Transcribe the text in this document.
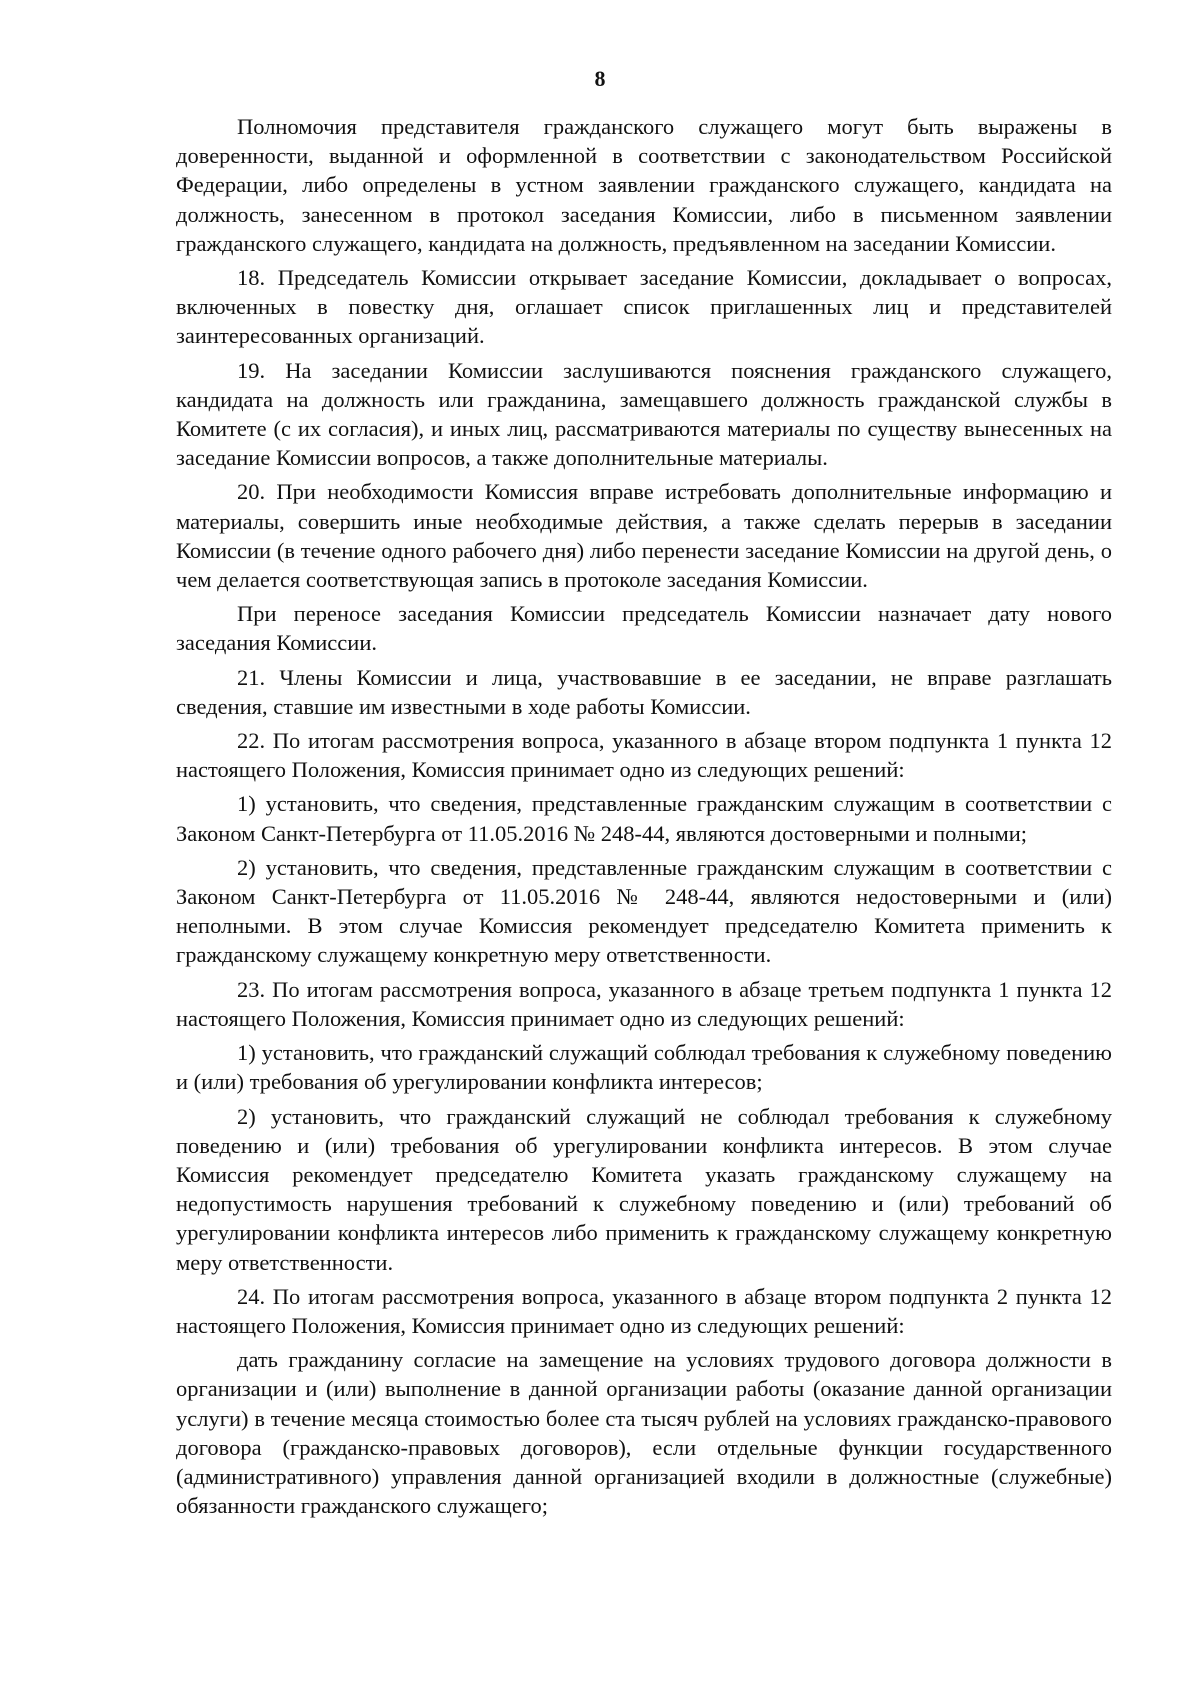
8

Полномочия представителя гражданского служащего могут быть выражены в доверенности, выданной и оформленной в соответствии с законодательством Российской Федерации, либо определены в устном заявлении гражданского служащего, кандидата на должность, занесенном в протокол заседания Комиссии, либо в письменном заявлении гражданского служащего, кандидата на должность, предъявленном на заседании Комиссии.

18. Председатель Комиссии открывает заседание Комиссии, докладывает о вопросах, включенных в повестку дня, оглашает список приглашенных лиц и представителей заинтересованных организаций.

19. На заседании Комиссии заслушиваются пояснения гражданского служащего, кандидата на должность или гражданина, замещавшего должность гражданской службы в Комитете (с их согласия), и иных лиц, рассматриваются материалы по существу вынесенных на заседание Комиссии вопросов, а также дополнительные материалы.

20. При необходимости Комиссия вправе истребовать дополнительные информацию и материалы, совершить иные необходимые действия, а также сделать перерыв в заседании Комиссии (в течение одного рабочего дня) либо перенести заседание Комиссии на другой день, о чем делается соответствующая запись в протоколе заседания Комиссии.

При переносе заседания Комиссии председатель Комиссии назначает дату нового заседания Комиссии.

21. Члены Комиссии и лица, участвовавшие в ее заседании, не вправе разглашать сведения, ставшие им известными в ходе работы Комиссии.

22. По итогам рассмотрения вопроса, указанного в абзаце втором подпункта 1 пункта 12 настоящего Положения, Комиссия принимает одно из следующих решений:

1) установить, что сведения, представленные гражданским служащим в соответствии с Законом Санкт-Петербурга от 11.05.2016 № 248-44, являются достоверными и полными;

2) установить, что сведения, представленные гражданским служащим в соответствии с Законом Санкт-Петербурга от 11.05.2016 № 248-44, являются недостоверными и (или) неполными. В этом случае Комиссия рекомендует председателю Комитета применить к гражданскому служащему конкретную меру ответственности.

23. По итогам рассмотрения вопроса, указанного в абзаце третьем подпункта 1 пункта 12 настоящего Положения, Комиссия принимает одно из следующих решений:

1) установить, что гражданский служащий соблюдал требования к служебному поведению и (или) требования об урегулировании конфликта интересов;

2) установить, что гражданский служащий не соблюдал требования к служебному поведению и (или) требования об урегулировании конфликта интересов. В этом случае Комиссия рекомендует председателю Комитета указать гражданскому служащему на недопустимость нарушения требований к служебному поведению и (или) требований об урегулировании конфликта интересов либо применить к гражданскому служащему конкретную меру ответственности.

24. По итогам рассмотрения вопроса, указанного в абзаце втором подпункта 2 пункта 12 настоящего Положения, Комиссия принимает одно из следующих решений:

дать гражданину согласие на замещение на условиях трудового договора должности в организации и (или) выполнение в данной организации работы (оказание данной организации услуги) в течение месяца стоимостью более ста тысяч рублей на условиях гражданско-правового договора (гражданско-правовых договоров), если отдельные функции государственного (административного) управления данной организацией входили в должностные (служебные) обязанности гражданского служащего;
